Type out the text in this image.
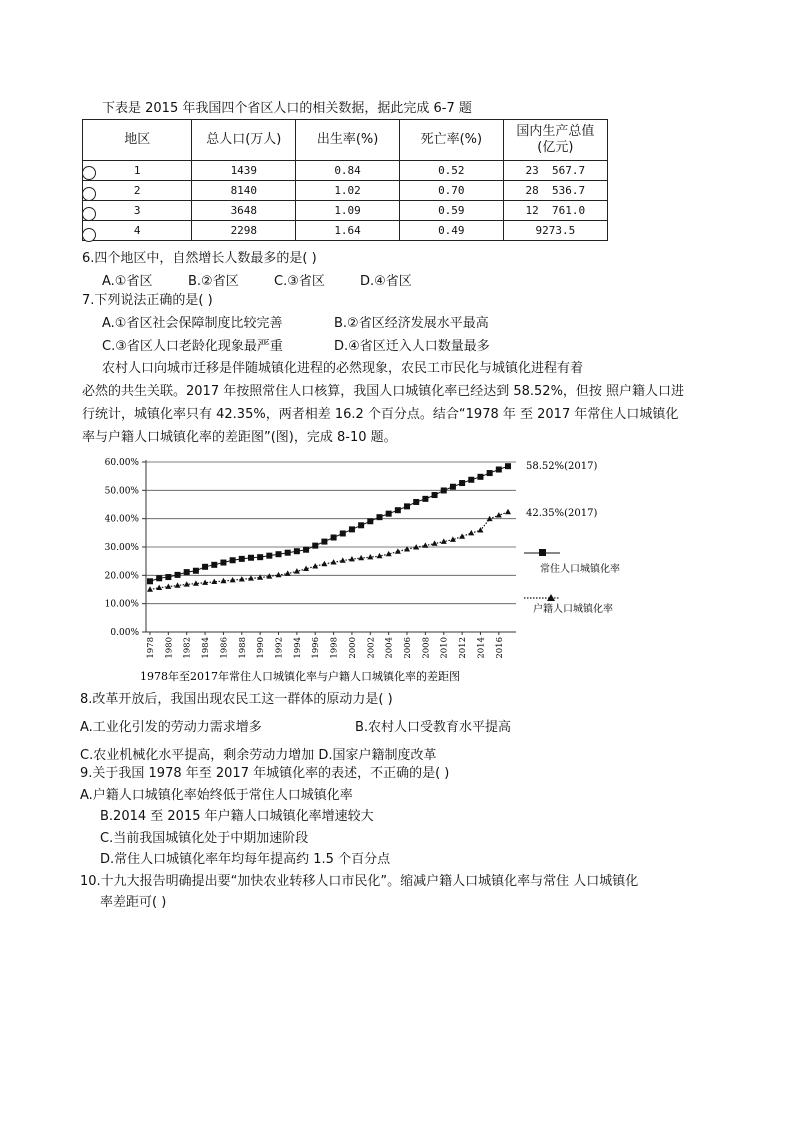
下表是 2015 年我国四个省区人口的相关数据，据此完成 6-7 题
地区	总人口(万人)	出生率(%)	死亡率(%)	国内生产总值
(亿元)
1	1439	0.84	0.52	23  567.7
2	8140	1.02	0.70	28  536.7
3	3648	1.09	0.59	12  761.0
4	2298	1.64	0.49	9273.5
6.四个地区中，自然增长人数最多的是( )
A.①省区	B.②省区	C.③省区	D.④省区
7.下列说法正确的是( )
A.①省区社会保障制度比较完善	B.②省区经济发展水平最高
C.③省区人口老龄化现象最严重	D.④省区迁入人口数量最多
农村人口向城市迁移是伴随城镇化进程的必然现象，农民工市民化与城镇化进程有着
必然的共生关联。2017 年按照常住人口核算，我国人口城镇化率已经达到 58.52%，但按 照户籍人口进
行统计，城镇化率只有 42.35%，两者相差 16.2 个百分点。结合“1978 年 至 2017 年常住人口城镇化
率与户籍人口城镇化率的差距图”(图)，完成 8-10 题。
0.00%
10.00%
20.00%
30.00%
40.00%
50.00%
60.00%
1978 1980 1982 1984 1986 1988 1990 1992 1994 1996 1998 2000 2002 2004 2006 2008 2010 2012 2014 2016
58.52%(2017)
42.35%(2017)
常住人口城镇化率
户籍人口城镇化率
1978年至2017年常住人口城镇化率与户籍人口城镇化率的差距图
8.改革开放后，我国出现农民工这一群体的原动力是( )
A.工业化引发的劳动力需求增多	B.农村人口受教育水平提高
C.农业机械化水平提高，剩余劳动力增加 D.国家户籍制度改革
9.关于我国 1978 年至 2017 年城镇化率的表述，不正确的是( )
A.户籍人口城镇化率始终低于常住人口城镇化率
B.2014 至 2015 年户籍人口城镇化率增速较大
C.当前我国城镇化处于中期加速阶段
D.常住人口城镇化率年均每年提高约 1.5 个百分点
10.十九大报告明确提出要“加快农业转移人口市民化”。缩减户籍人口城镇化率与常住 人口城镇化
率差距可( )
